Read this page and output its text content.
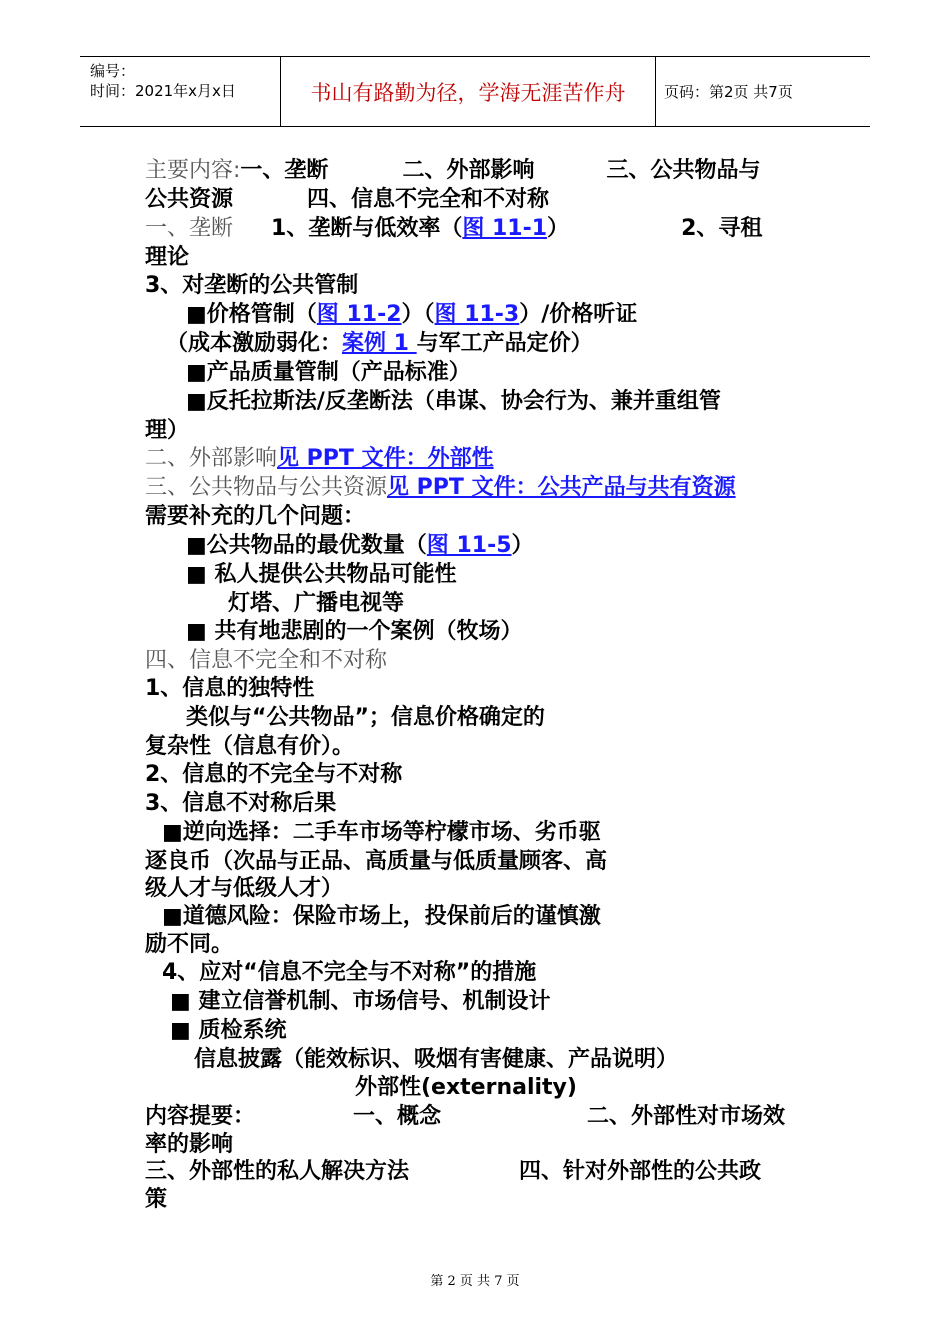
编号：
时间：2021年x月x日	书山有路勤为径，学海无涯苦作舟	页码：第2页 共7页
主要内容:一、垄断	二、外部影响	三、公共物品与
公共资源	四、信息不完全和不对称
一、垄断 1、垄断与低效率（图 11-1）	2、寻租
理论
3、对垄断的公共管制
■价格管制（图 11-2）（图 11-3）/价格听证
（成本激励弱化：案例 1 与军工产品定价）
■产品质量管制（产品标准）
■反托拉斯法/反垄断法（串谋、协会行为、兼并重组管
理）
二、外部影响见 PPT 文件：外部性
三、公共物品与公共资源见 PPT 文件：公共产品与共有资源
需要补充的几个问题：
■公共物品的最优数量（图 11-5）
■ 私人提供公共物品可能性
灯塔、广播电视等
■ 共有地悲剧的一个案例（牧场）
四、信息不完全和不对称
1、信息的独特性
类似与“公共物品”；信息价格确定的
复杂性（信息有价）。
2、信息的不完全与不对称
3、信息不对称后果
■逆向选择：二手车市场等柠檬市场、劣币驱
逐良币（次品与正品、高质量与低质量顾客、高
级人才与低级人才）
■道德风险：保险市场上，投保前后的谨慎激
励不同。
4、应对“信息不完全与不对称”的措施
■ 建立信誉机制、市场信号、机制设计
■ 质检系统
信息披露（能效标识、吸烟有害健康、产品说明）
外部性(externality)
内容提要：	一、概念	二、外部性对市场效
率的影响
三、外部性的私人解决方法	四、针对外部性的公共政
策
第 2 页 共 7 页
